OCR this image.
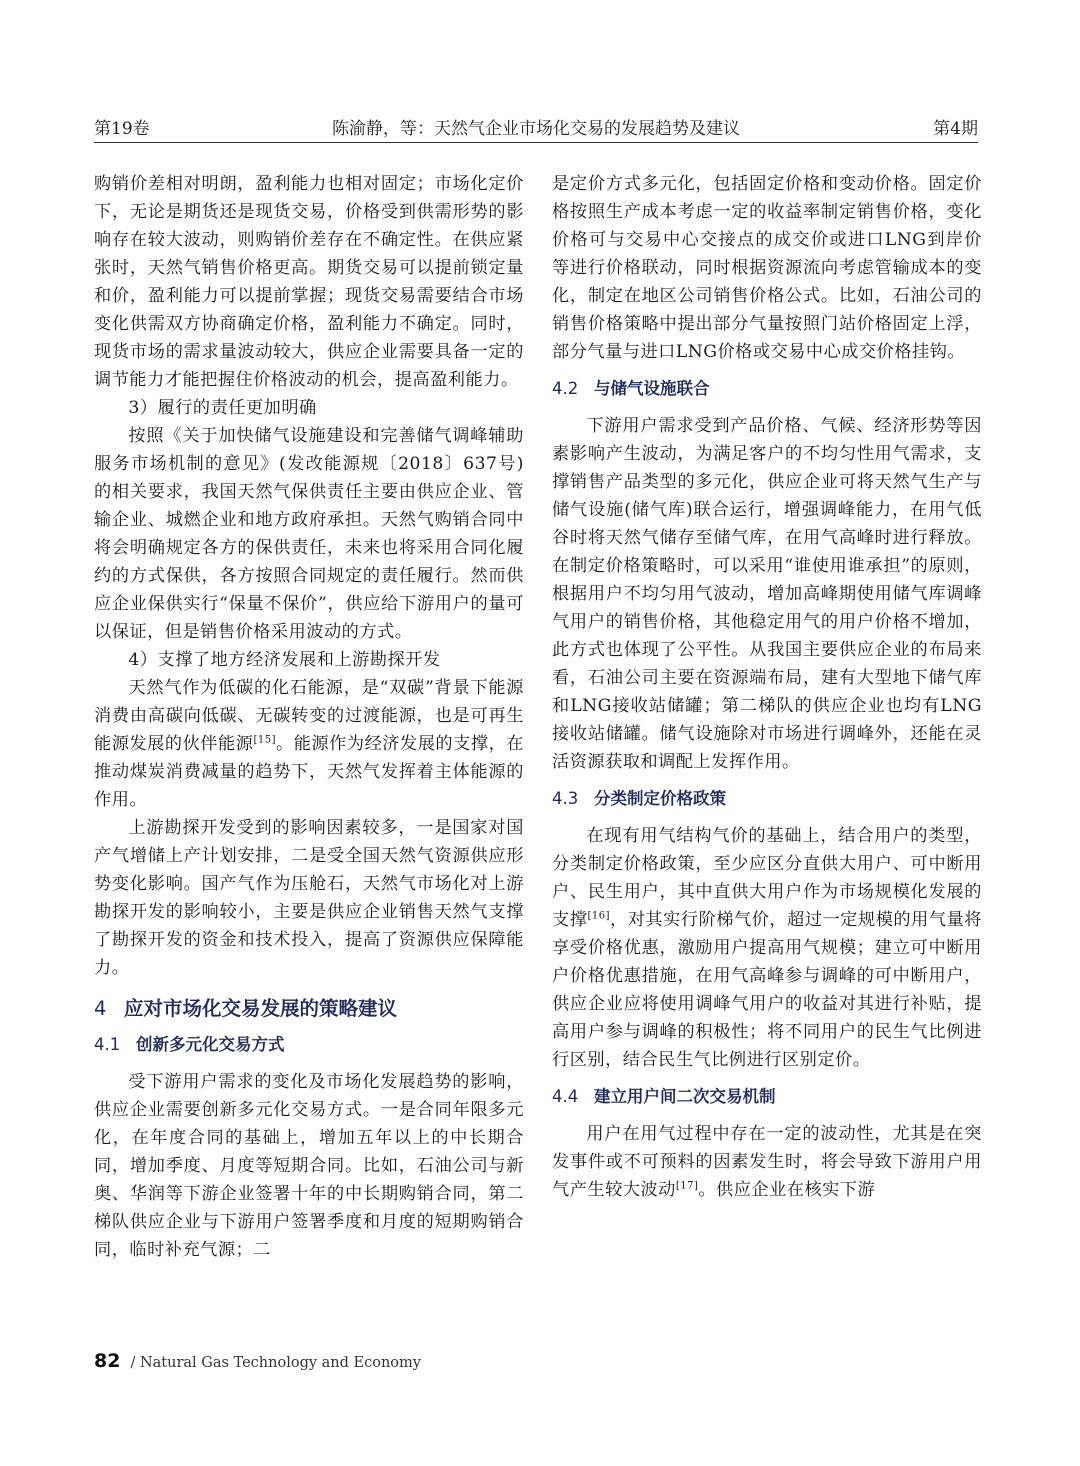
第19卷	陈渝静，等：天然气企业市场化交易的发展趋势及建议	第4期

购销价差相对明朗，盈利能力也相对固定；市场化定价下，无论是期货还是现货交易，价格受到供需形势的影响存在较大波动，则购销价差存在不确定性。在供应紧张时，天然气销售价格更高。期货交易可以提前锁定量和价，盈利能力可以提前掌握；现货交易需要结合市场变化供需双方协商确定价格，盈利能力不确定。同时，现货市场的需求量波动较大，供应企业需要具备一定的调节能力才能把握住价格波动的机会，提高盈利能力。

3）履行的责任更加明确

按照《关于加快储气设施建设和完善储气调峰辅助服务市场机制的意见》(发改能源规〔2018〕637号)的相关要求，我国天然气保供责任主要由供应企业、管输企业、城燃企业和地方政府承担。天然气购销合同中将会明确规定各方的保供责任，未来也将采用合同化履约的方式保供，各方按照合同规定的责任履行。然而供应企业保供实行“保量不保价”，供应给下游用户的量可以保证，但是销售价格采用波动的方式。

4）支撑了地方经济发展和上游勘探开发

天然气作为低碳的化石能源，是“双碳”背景下能源消费由高碳向低碳、无碳转变的过渡能源，也是可再生能源发展的伙伴能源[15]。能源作为经济发展的支撑，在推动煤炭消费减量的趋势下，天然气发挥着主体能源的作用。

上游勘探开发受到的影响因素较多，一是国家对国产气增储上产计划安排，二是受全国天然气资源供应形势变化影响。国产气作为压舱石，天然气市场化对上游勘探开发的影响较小，主要是供应企业销售天然气支撑了勘探开发的资金和技术投入，提高了资源供应保障能力。

4 应对市场化交易发展的策略建议
4.1 创新多元化交易方式

受下游用户需求的变化及市场化发展趋势的影响，供应企业需要创新多元化交易方式。一是合同年限多元化，在年度合同的基础上，增加五年以上的中长期合同，增加季度、月度等短期合同。比如，石油公司与新奥、华润等下游企业签署十年的中长期购销合同，第二梯队供应企业与下游用户签署季度和月度的短期购销合同，临时补充气源；二

是定价方式多元化，包括固定价格和变动价格。固定价格按照生产成本考虑一定的收益率制定销售价格，变化价格可与交易中心交接点的成交价或进口LNG到岸价等进行价格联动，同时根据资源流向考虑管输成本的变化，制定在地区公司销售价格公式。比如，石油公司的销售价格策略中提出部分气量按照门站价格固定上浮，部分气量与进口LNG价格或交易中心成交价格挂钩。

4.2 与储气设施联合

下游用户需求受到产品价格、气候、经济形势等因素影响产生波动，为满足客户的不均匀性用气需求，支撑销售产品类型的多元化，供应企业可将天然气生产与储气设施(储气库)联合运行，增强调峰能力，在用气低谷时将天然气储存至储气库，在用气高峰时进行释放。在制定价格策略时，可以采用“谁使用谁承担”的原则，根据用户不均匀用气波动，增加高峰期使用储气库调峰气用户的销售价格，其他稳定用气的用户价格不增加，此方式也体现了公平性。从我国主要供应企业的布局来看，石油公司主要在资源端布局，建有大型地下储气库和LNG接收站储罐；第二梯队的供应企业也均有LNG接收站储罐。储气设施除对市场进行调峰外，还能在灵活资源获取和调配上发挥作用。

4.3 分类制定价格政策

在现有用气结构气价的基础上，结合用户的类型，分类制定价格政策，至少应区分直供大用户、可中断用户、民生用户，其中直供大用户作为市场规模化发展的支撑[16]，对其实行阶梯气价，超过一定规模的用气量将享受价格优惠，激励用户提高用气规模；建立可中断用户价格优惠措施，在用气高峰参与调峰的可中断用户，供应企业应将使用调峰气用户的收益对其进行补贴，提高用户参与调峰的积极性；将不同用户的民生气比例进行区别，结合民生气比例进行区别定价。

4.4 建立用户间二次交易机制

用户在用气过程中存在一定的波动性，尤其是在突发事件或不可预料的因素发生时，将会导致下游用户用气产生较大波动[17]。供应企业在核实下游

82 / Natural Gas Technology and Economy
